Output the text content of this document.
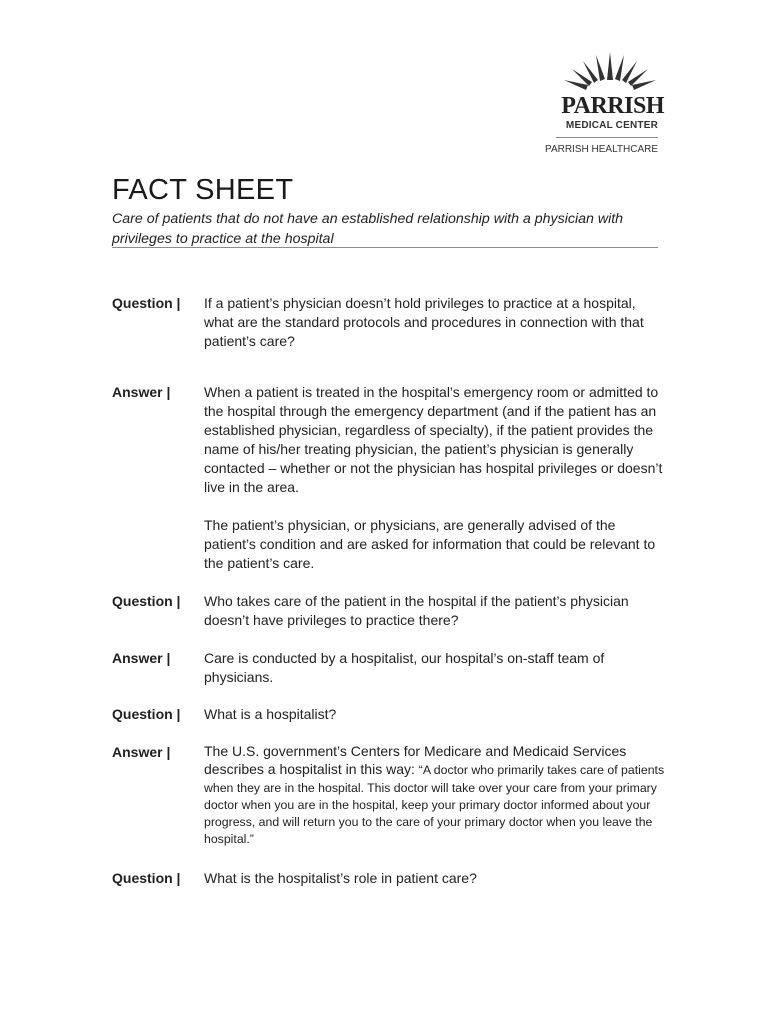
PARRISH
MEDICAL CENTER
PARRISH HEALTHCARE
FACT SHEET
Care of patients that do not have an established relationship with a physician with privileges to practice at the hospital
Question | If a patient’s physician doesn’t hold privileges to practice at a hospital, what are the standard protocols and procedures in connection with that patient’s care?
Answer | When a patient is treated in the hospital’s emergency room or admitted to the hospital through the emergency department (and if the patient has an established physician, regardless of specialty), if the patient provides the name of his/her treating physician, the patient’s physician is generally contacted – whether or not the physician has hospital privileges or doesn’t live in the area.
The patient’s physician, or physicians, are generally advised of the patient’s condition and are asked for information that could be relevant to the patient’s care.
Question | Who takes care of the patient in the hospital if the patient’s physician doesn’t have privileges to practice there?
Answer | Care is conducted by a hospitalist, our hospital’s on-staff team of physicians.
Question | What is a hospitalist?
Answer | The U.S. government’s Centers for Medicare and Medicaid Services describes a hospitalist in this way: “A doctor who primarily takes care of patients when they are in the hospital. This doctor will take over your care from your primary doctor when you are in the hospital, keep your primary doctor informed about your progress, and will return you to the care of your primary doctor when you leave the hospital.”
Question | What is the hospitalist’s role in patient care?
